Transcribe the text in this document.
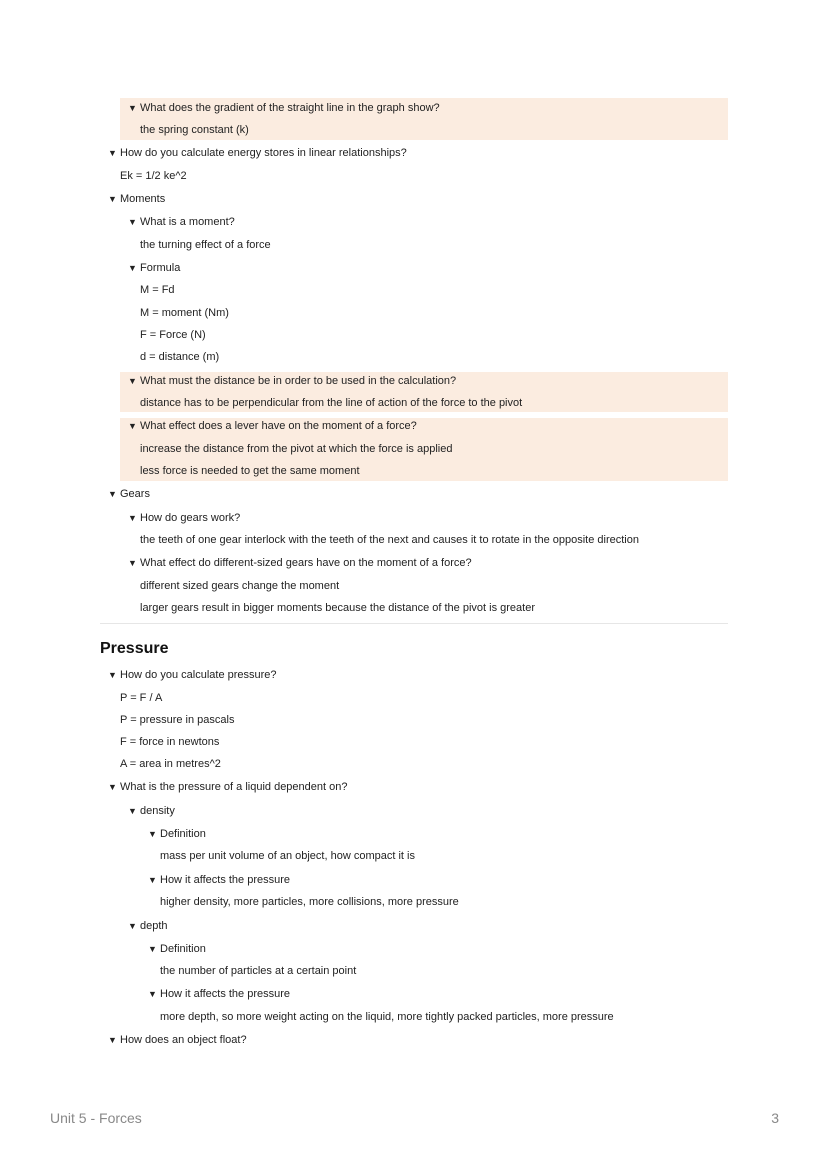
▼ What does the gradient of the straight line in the graph show?
the spring constant (k)
▼ How do you calculate energy stores in linear relationships?
Ek = 1/2 ke^2
▼ Moments
▼ What is a moment?
the turning effect of a force
▼ Formula
M = Fd
M = moment (Nm)
F = Force (N)
d = distance (m)
▼ What must the distance be in order to be used in the calculation?
distance has to be perpendicular from the line of action of the force to the pivot
▼ What effect does a lever have on the moment of a force?
increase the distance from the pivot at which the force is applied
less force is needed to get the same moment
▼ Gears
▼ How do gears work?
the teeth of one gear interlock with the teeth of the next and causes it to rotate in the opposite direction
▼ What effect do different-sized gears have on the moment of a force?
different sized gears change the moment
larger gears result in bigger moments because the distance of the pivot is greater
Pressure
▼ How do you calculate pressure?
P = F / A
P = pressure in pascals
F = force in newtons
A = area in metres^2
▼ What is the pressure of a liquid dependent on?
▼ density
▼ Definition
mass per unit volume of an object, how compact it is
▼ How it affects the pressure
higher density, more particles, more collisions, more pressure
▼ depth
▼ Definition
the number of particles at a certain point
▼ How it affects the pressure
more depth, so more weight acting on the liquid, more tightly packed particles, more pressure
▼ How does an object float?
Unit 5 - Forces	3
